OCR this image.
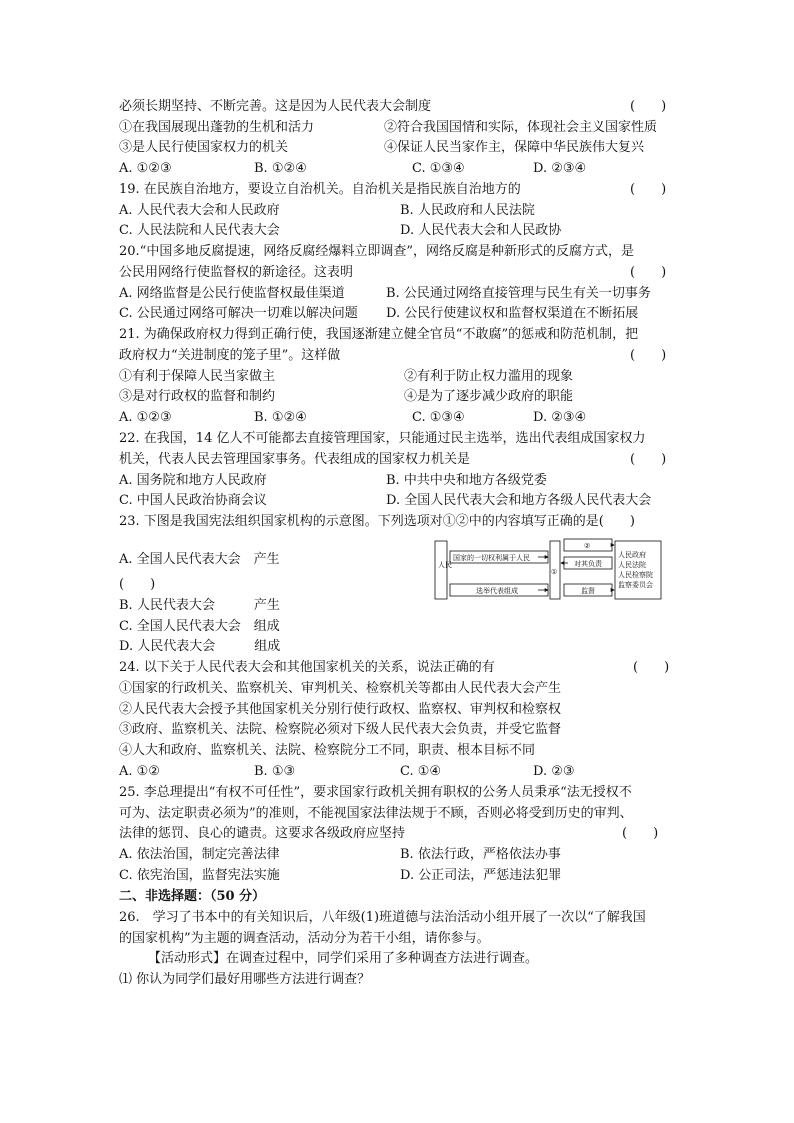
必须长期坚持、不断完善。这是因为人民代表大会制度	(　　)
①在我国展现出蓬勃的生机和活力	②符合我国国情和实际，体现社会主义国家性质
③是人民行使国家权力的机关	④保证人民当家作主，保障中华民族伟大复兴
A. ①②③	B. ①②④	C. ①③④	D. ②③④
19. 在民族自治地方，要设立自治机关。自治机关是指民族自治地方的	(　　)
A. 人民代表大会和人民政府	B. 人民政府和人民法院
C. 人民法院和人民代表大会	D. 人民代表大会和人民政协
20.“中国多地反腐提速，网络反腐经爆料立即调查”，网络反腐是种新形式的反腐方式，是
公民用网络行使监督权的新途径。这表明	(　　)
A. 网络监督是公民行使监督权最佳渠道	B. 公民通过网络直接管理与民生有关一切事务
C. 公民通过网络可解决一切难以解决问题 D. 公民行使建议权和监督权渠道在不断拓展
21. 为确保政府权力得到正确行使，我国逐渐建立健全官员“不敢腐”的惩戒和防范机制，把
政府权力“关进制度的笼子里”。这样做	(　　)
①有利于保障人民当家做主	②有利于防止权力滥用的现象
③是对行政权的监督和制约	④是为了逐步减少政府的职能
A. ①②③	B. ①②④	C. ①③④	D. ②③④
22. 在我国，14 亿人不可能都去直接管理国家，只能通过民主选举，选出代表组成国家权力
机关，代表人民去管理国家事务。代表组成的国家权力机关是	(　　)
A. 国务院和地方人民政府	B. 中共中央和地方各级党委
C. 中国人民政治协商会议	D. 全国人民代表大会和地方各级人民代表大会
23. 下图是我国宪法组织国家机构的示意图。下列选项对①②中的内容填写正确的是(　　)
A. 全国人民代表大会　产生
(　　)
B. 人民代表大会　　　产生
C. 全国人民代表大会　组成
D. 人民代表大会　　　组成
人民
国家的一切权利属于人民
选举代表组成
①
②
对其负责
监督
人民政府
人民法院
人民检察院
监察委员会
24. 以下关于人民代表大会和其他国家机关的关系，说法正确的有	(　　)
①国家的行政机关、监察机关、审判机关、检察机关等都由人民代表大会产生
②人民代表大会授予其他国家机关分别行使行政权、监察权、审判权和检察权
③政府、监察机关、法院、检察院必须对下级人民代表大会负责，并受它监督
④人大和政府、监察机关、法院、检察院分工不同，职责、根本目标不同
A. ①②	B. ①③	C. ①④	D. ②③
25. 李总理提出“有权不可任性”，要求国家行政机关拥有职权的公务人员秉承“法无授权不
可为、法定职责必须为”的准则，不能视国家法律法规于不顾，否则必将受到历史的审判、
法律的惩罚、良心的谴责。这要求各级政府应坚持	(　　)
A. 依法治国，制定完善法律	B. 依法行政，严格依法办事
C. 依宪治国，监督宪法实施	D. 公正司法，严惩违法犯罪
二、非选择题：（50 分）
26.　学习了书本中的有关知识后，八年级(1)班道德与法治活动小组开展了一次以“了解我国
的国家机构”为主题的调查活动，活动分为若干小组，请你参与。
【活动形式】在调查过程中，同学们采用了多种调查方法进行调查。
⑴ 你认为同学们最好用哪些方法进行调查？
